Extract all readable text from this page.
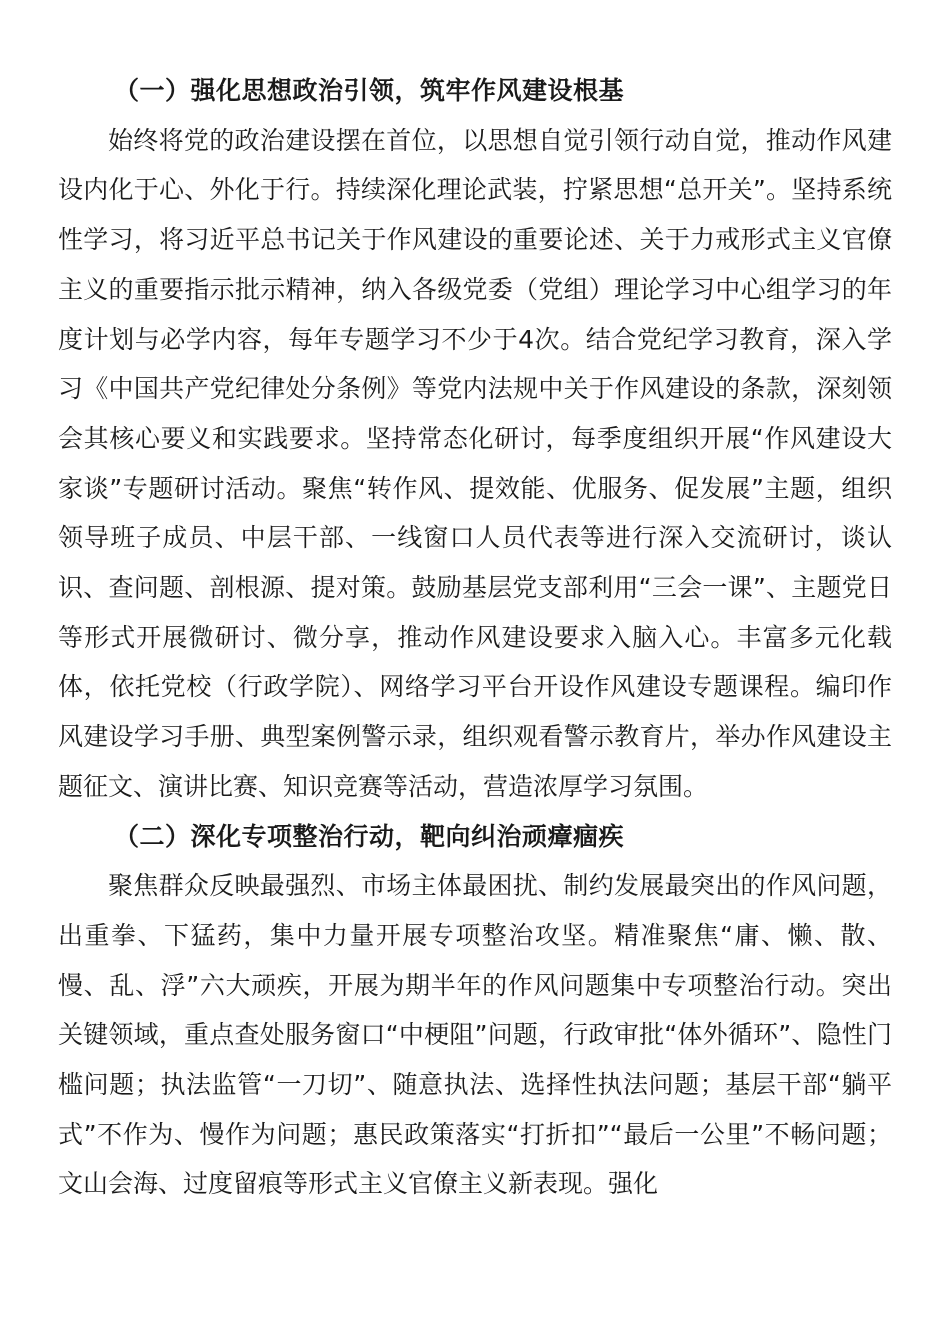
（一）强化思想政治引领，筑牢作风建设根基

始终将党的政治建设摆在首位，以思想自觉引领行动自觉，推动作风建设内化于心、外化于行。持续深化理论武装，拧紧思想“总开关”。坚持系统性学习，将习近平总书记关于作风建设的重要论述、关于力戒形式主义官僚主义的重要指示批示精神，纳入各级党委（党组）理论学习中心组学习的年度计划与必学内容，每年专题学习不少于4次。结合党纪学习教育，深入学习《中国共产党纪律处分条例》等党内法规中关于作风建设的条款，深刻领会其核心要义和实践要求。坚持常态化研讨，每季度组织开展“作风建设大家谈”专题研讨活动。聚焦“转作风、提效能、优服务、促发展”主题，组织领导班子成员、中层干部、一线窗口人员代表等进行深入交流研讨，谈认识、查问题、剖根源、提对策。鼓励基层党支部利用“三会一课”、主题党日等形式开展微研讨、微分享，推动作风建设要求入脑入心。丰富多元化载体，依托党校（行政学院）、网络学习平台开设作风建设专题课程。编印作风建设学习手册、典型案例警示录，组织观看警示教育片，举办作风建设主题征文、演讲比赛、知识竞赛等活动，营造浓厚学习氛围。

（二）深化专项整治行动，靶向纠治顽瘴痼疾

聚焦群众反映最强烈、市场主体最困扰、制约发展最突出的作风问题，出重拳、下猛药，集中力量开展专项整治攻坚。精准聚焦“庸、懒、散、慢、乱、浮”六大顽疾，开展为期半年的作风问题集中专项整治行动。突出关键领域，重点查处服务窗口“中梗阻”问题，行政审批“体外循环”、隐性门槛问题；执法监管“一刀切”、随意执法、选择性执法问题；基层干部“躺平式”不作为、慢作为问题；惠民政策落实“打折扣”“最后一公里”不畅问题；文山会海、过度留痕等形式主义官僚主义新表现。强化
